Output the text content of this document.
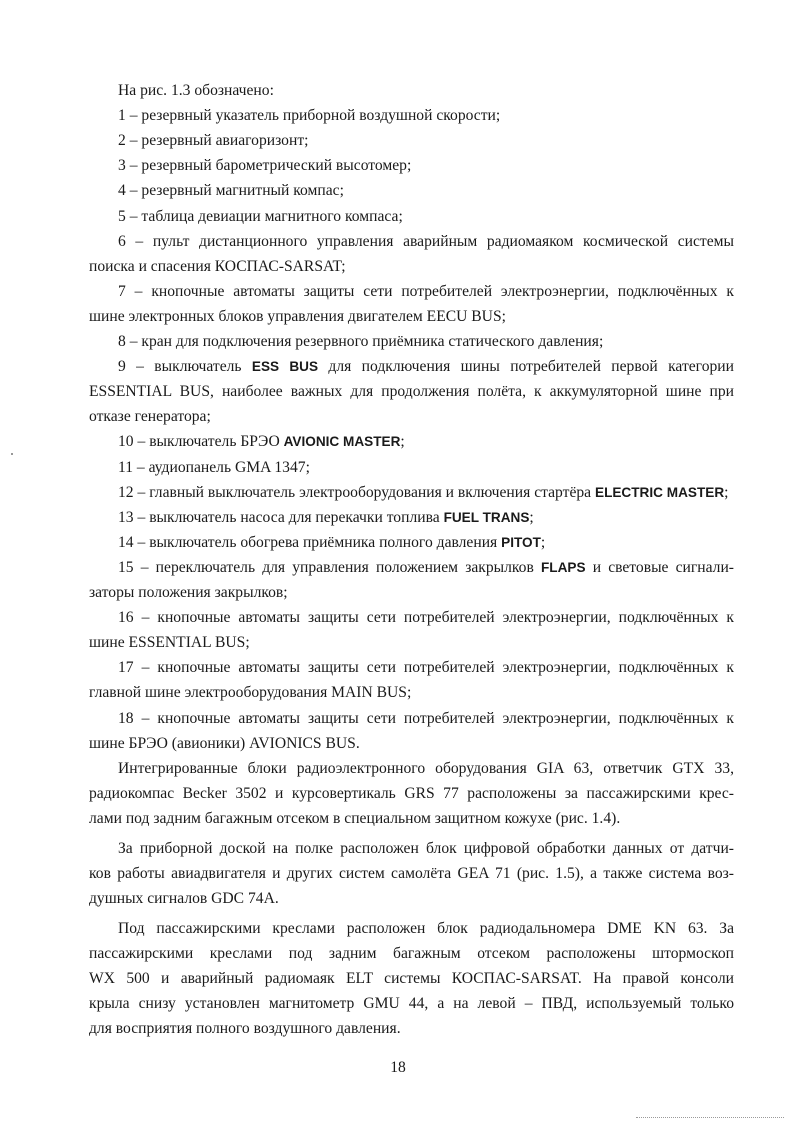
18
На рис. 1.3 обозначено:
1 – резервный указатель приборной воздушной скорости;
2 – резервный авиагоризонт;
3 – резервный барометрический высотомер;
4 – резервный магнитный компас;
5 – таблица девиации магнитного компаса;
6 – пульт дистанционного управления аварийным радиомаяком космической системы
поиска и спасения КОСПАС-SARSAT;
7 – кнопочные автоматы защиты сети потребителей электроэнергии, подключённых к
шине электронных блоков управления двигателем EECU BUS;
8 – кран для подключения резервного приёмника статического давления;
9 – выключатель ESS BUS для подключения шины потребителей первой категории
ESSENTIAL BUS, наиболее важных для продолжения полёта, к аккумуляторной шине при
отказе генератора;
10 – выключатель БРЭО AVIONIC MASTER;
11 – аудиопанель GMA 1347;
12 – главный выключатель электрооборудования и включения стартёра ELECTRIC MASTER;
13 – выключатель насоса для перекачки топлива FUEL TRANS;
14 – выключатель обогрева приёмника полного давления PITOT;
15 – переключатель для управления положением закрылков FLAPS и световые сигнали-
заторы положения закрылков;
16 – кнопочные автоматы защиты сети потребителей электроэнергии, подключённых к
шине ESSENTIAL BUS;
17 – кнопочные автоматы защиты сети потребителей электроэнергии, подключённых к
главной шине электрооборудования MAIN BUS;
18 – кнопочные автоматы защиты сети потребителей электроэнергии, подключённых к
шине БРЭО (авионики) AVIONICS BUS.
Интегрированные блоки радиоэлектронного оборудования GIA 63, ответчик GTX 33,
радиокомпас Becker 3502 и курсовертикаль GRS 77 расположены за пассажирскими крес-
лами под задним багажным отсеком в специальном защитном кожухе (рис. 1.4).
За приборной доской на полке расположен блок цифровой обработки данных от датчи-
ков работы авиадвигателя и других систем самолёта GEA 71 (рис. 1.5), а также система воз-
душных сигналов GDC 74A.
Под пассажирскими креслами расположен блок радиодальномера DME KN 63. За
пассажирскими креслами под задним багажным отсеком расположены штормоскоп
WX 500 и аварийный радиомаяк ELT системы КОСПАС-SARSAT. На правой консоли
крыла снизу установлен магнитометр GMU 44, а на левой – ПВД, используемый только
для восприятия полного воздушного давления.
